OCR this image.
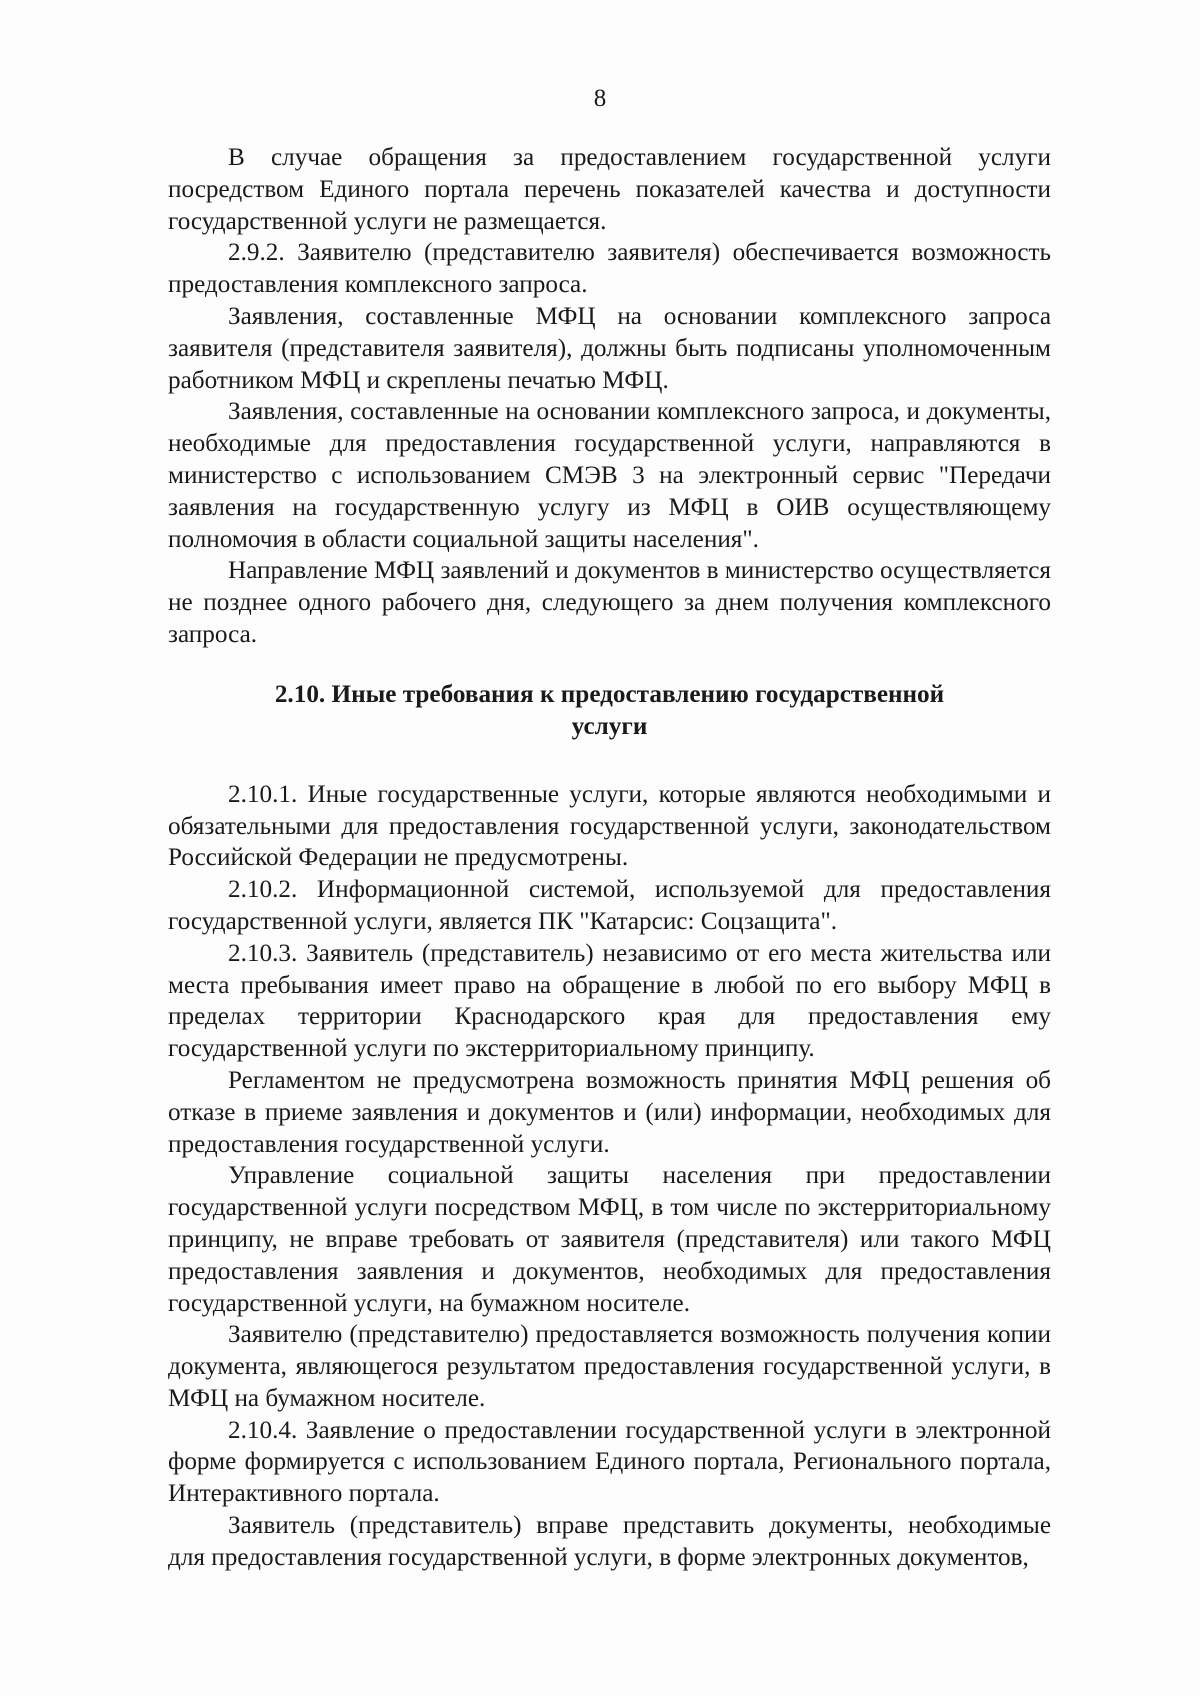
8

В случае обращения за предоставлением государственной услуги посредством Единого портала перечень показателей качества и доступности государственной услуги не размещается.

2.9.2. Заявителю (представителю заявителя) обеспечивается возможность предоставления комплексного запроса.

Заявления, составленные МФЦ на основании комплексного запроса заявителя (представителя заявителя), должны быть подписаны уполномоченным работником МФЦ и скреплены печатью МФЦ.

Заявления, составленные на основании комплексного запроса, и документы, необходимые для предоставления государственной услуги, направляются в министерство с использованием СМЭВ 3 на электронный сервис "Передачи заявления на государственную услугу из МФЦ в ОИВ осуществляющему полномочия в области социальной защиты населения".

Направление МФЦ заявлений и документов в министерство осуществляется не позднее одного рабочего дня, следующего за днем получения комплексного запроса.

2.10. Иные требования к предоставлению государственной
услуги

2.10.1. Иные государственные услуги, которые являются необходимыми и обязательными для предоставления государственной услуги, законодательством Российской Федерации не предусмотрены.

2.10.2. Информационной системой, используемой для предоставления государственной услуги, является ПК "Катарсис: Соцзащита".

2.10.3. Заявитель (представитель) независимо от его места жительства или места пребывания имеет право на обращение в любой по его выбору МФЦ в пределах территории Краснодарского края для предоставления ему государственной услуги по экстерриториальному принципу.

Регламентом не предусмотрена возможность принятия МФЦ решения об отказе в приеме заявления и документов и (или) информации, необходимых для предоставления государственной услуги.

Управление социальной защиты населения при предоставлении государственной услуги посредством МФЦ, в том числе по экстерриториальному принципу, не вправе требовать от заявителя (представителя) или такого МФЦ предоставления заявления и документов, необходимых для предоставления государственной услуги, на бумажном носителе.

Заявителю (представителю) предоставляется возможность получения копии документа, являющегося результатом предоставления государственной услуги, в МФЦ на бумажном носителе.

2.10.4. Заявление о предоставлении государственной услуги в электронной форме формируется с использованием Единого портала, Регионального портала, Интерактивного портала.

Заявитель (представитель) вправе представить документы, необходимые для предоставления государственной услуги, в форме электронных документов,
